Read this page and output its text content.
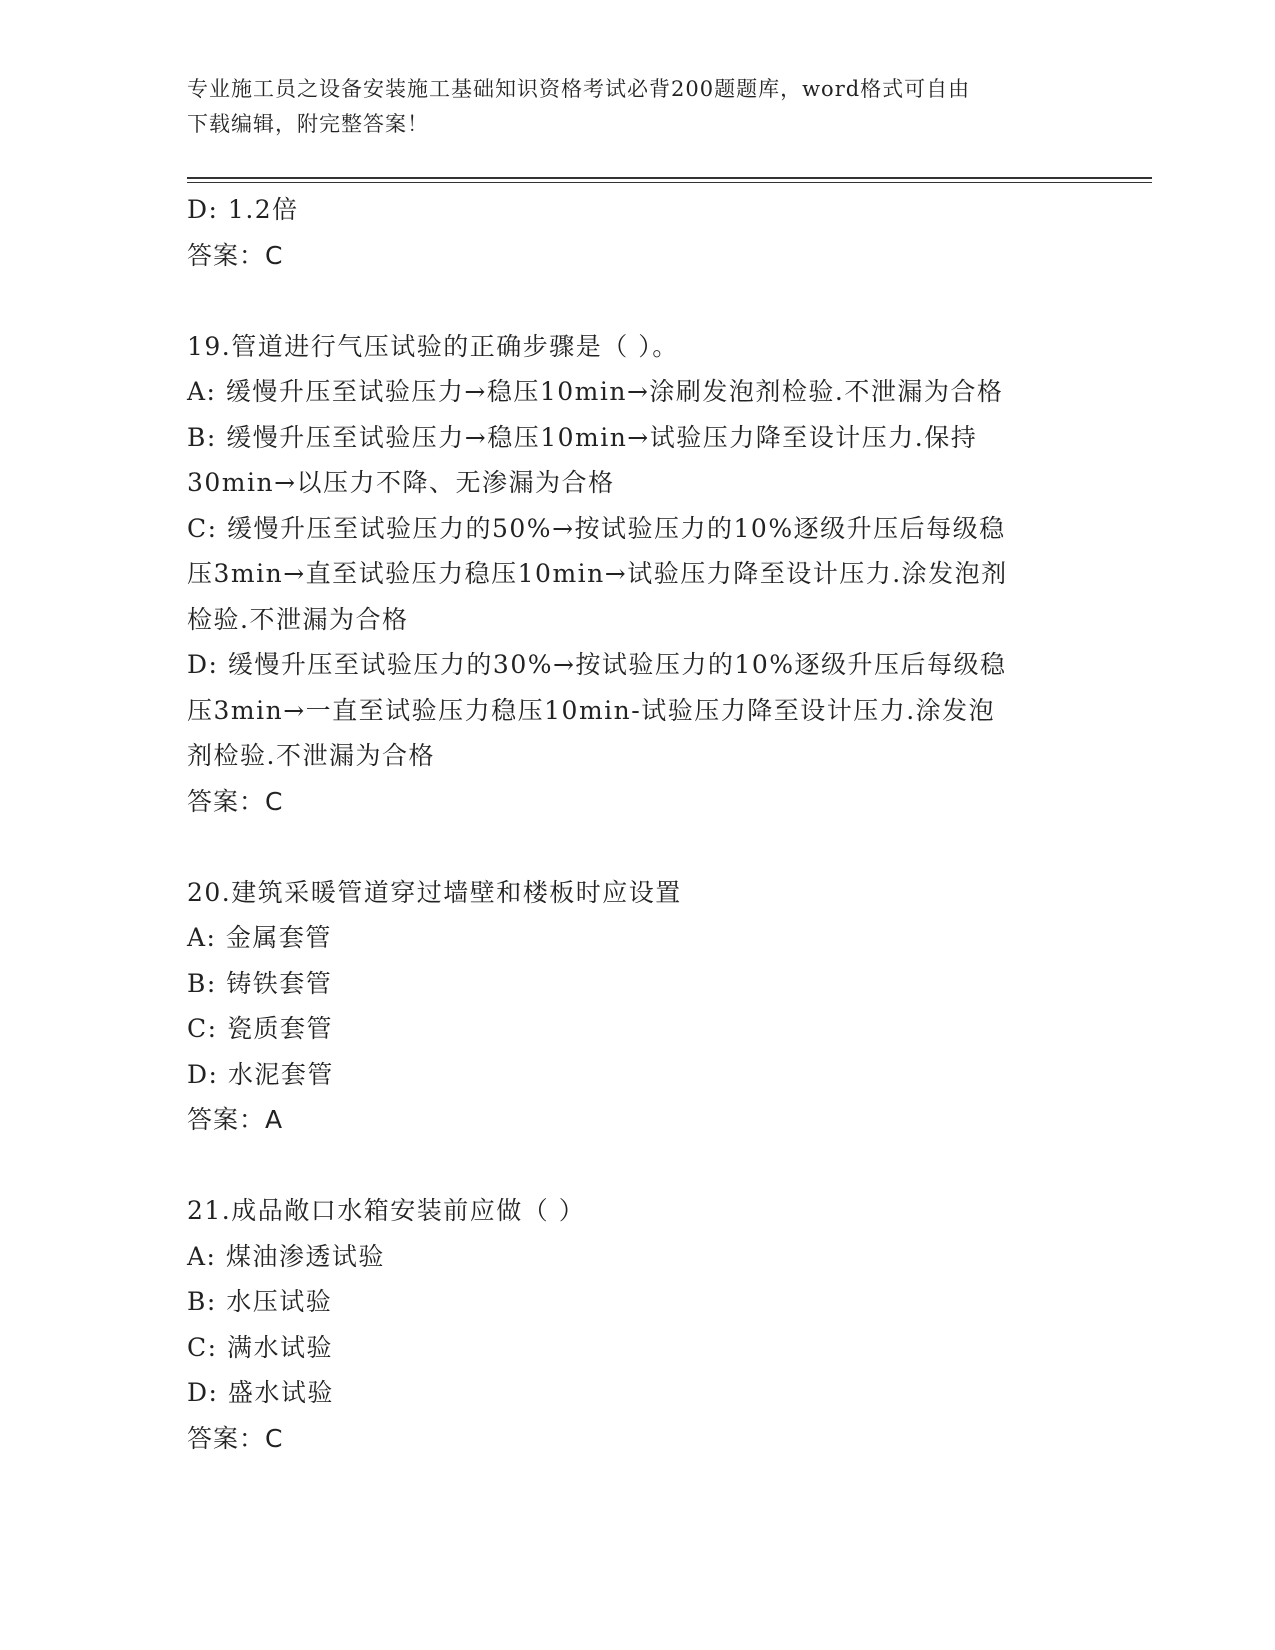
专业施工员之设备安装施工基础知识资格考试必背200题题库，word格式可自由
下载编辑，附完整答案！
D: 1.2倍
答案：C
19.管道进行气压试验的正确步骤是（ ）。
A: 缓慢升压至试验压力→稳压10min→涂刷发泡剂检验.不泄漏为合格
B: 缓慢升压至试验压力→稳压10min→试验压力降至设计压力.保持
30min→以压力不降、无渗漏为合格
C: 缓慢升压至试验压力的50%→按试验压力的10%逐级升压后每级稳
压3min→直至试验压力稳压10min→试验压力降至设计压力.涂发泡剂
检验.不泄漏为合格
D: 缓慢升压至试验压力的30%→按试验压力的10%逐级升压后每级稳
压3min→一直至试验压力稳压10min-试验压力降至设计压力.涂发泡
剂检验.不泄漏为合格
答案：C
20.建筑采暖管道穿过墙壁和楼板时应设置
A: 金属套管
B: 铸铁套管
C: 瓷质套管
D: 水泥套管
答案：A
21.成品敞口水箱安装前应做（ ）
A: 煤油渗透试验
B: 水压试验
C: 满水试验
D: 盛水试验
答案：C
